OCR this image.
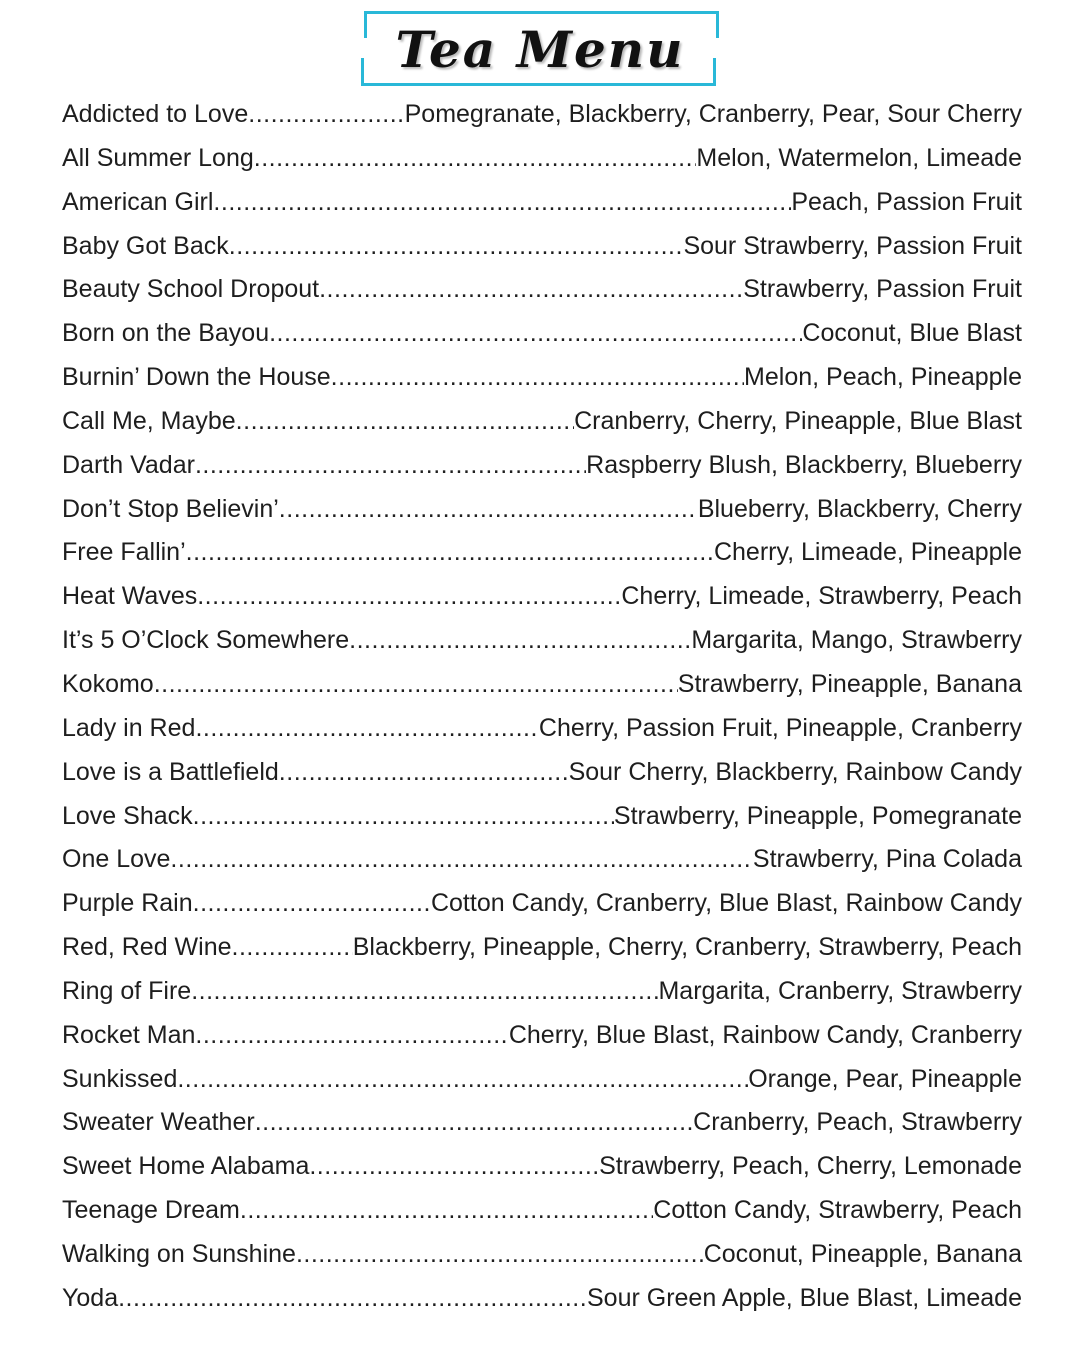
Tea Menu
Addicted to Love .....	Pomegranate, Blackberry, Cranberry, Pear, Sour Cherry
All Summer Long .....	Melon, Watermelon, Limeade
American Girl .....	Peach, Passion Fruit
Baby Got Back .....	Sour Strawberry, Passion Fruit
Beauty School Dropout .....	Strawberry, Passion Fruit
Born on the Bayou .....	Coconut, Blue Blast
Burnin’ Down the House .....	Melon, Peach, Pineapple
Call Me, Maybe .....	Cranberry, Cherry, Pineapple, Blue Blast
Darth Vadar .....	Raspberry Blush, Blackberry, Blueberry
Don’t Stop Believin’ .....	Blueberry, Blackberry, Cherry
Free Fallin’ .....	Cherry, Limeade, Pineapple
Heat Waves .....	Cherry, Limeade, Strawberry, Peach
It’s 5 O’Clock Somewhere .....	Margarita, Mango, Strawberry
Kokomo .....	Strawberry, Pineapple, Banana
Lady in Red .....	Cherry, Passion Fruit, Pineapple, Cranberry
Love is a Battlefield .....	Sour Cherry, Blackberry, Rainbow Candy
Love Shack .....	Strawberry, Pineapple, Pomegranate
One Love .....	Strawberry, Pina Colada
Purple Rain .....	Cotton Candy, Cranberry, Blue Blast, Rainbow Candy
Red, Red Wine .....	Blackberry, Pineapple, Cherry, Cranberry, Strawberry, Peach
Ring of Fire .....	Margarita, Cranberry, Strawberry
Rocket Man .....	Cherry, Blue Blast, Rainbow Candy, Cranberry
Sunkissed .....	Orange, Pear, Pineapple
Sweater Weather .....	Cranberry, Peach, Strawberry
Sweet Home Alabama .....	Strawberry, Peach, Cherry, Lemonade
Teenage Dream .....	Cotton Candy, Strawberry, Peach
Walking on Sunshine .....	Coconut, Pineapple, Banana
Yoda .....	Sour Green Apple, Blue Blast, Limeade
